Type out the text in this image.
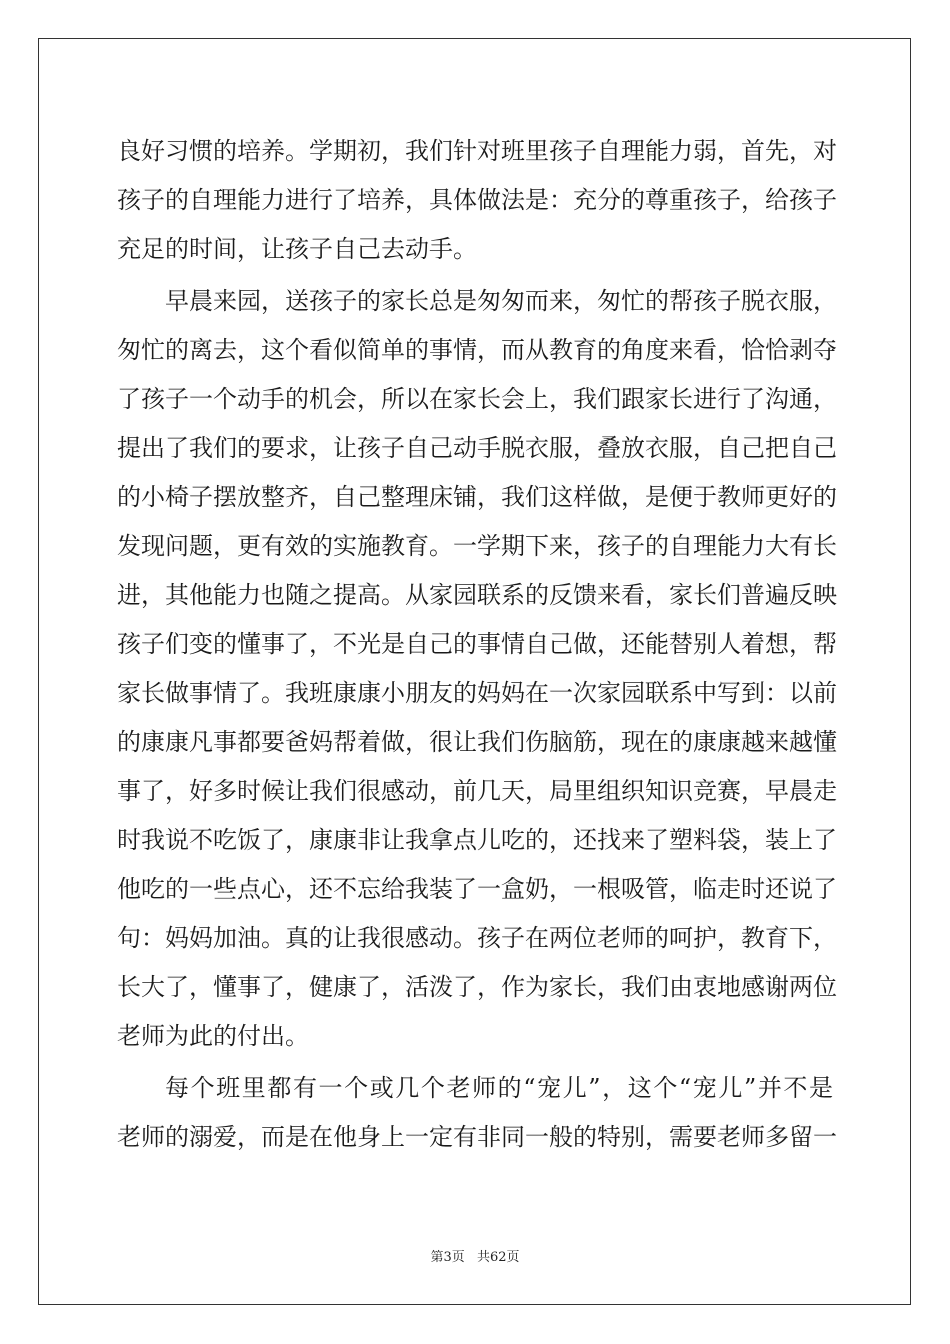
良好习惯的培养。学期初，我们针对班里孩子自理能力弱，首先，对
孩子的自理能力进行了培养，具体做法是：充分的尊重孩子，给孩子
充足的时间，让孩子自己去动手。
早晨来园，送孩子的家长总是匆匆而来，匆忙的帮孩子脱衣服，
匆忙的离去，这个看似简单的事情，而从教育的角度来看，恰恰剥夺
了孩子一个动手的机会，所以在家长会上，我们跟家长进行了沟通，
提出了我们的要求，让孩子自己动手脱衣服，叠放衣服，自己把自己
的小椅子摆放整齐，自己整理床铺，我们这样做，是便于教师更好的
发现问题，更有效的实施教育。一学期下来，孩子的自理能力大有长
进，其他能力也随之提高。从家园联系的反馈来看，家长们普遍反映
孩子们变的懂事了，不光是自己的事情自己做，还能替别人着想，帮
家长做事情了。我班康康小朋友的妈妈在一次家园联系中写到：以前
的康康凡事都要爸妈帮着做，很让我们伤脑筋，现在的康康越来越懂
事了，好多时候让我们很感动，前几天，局里组织知识竞赛，早晨走
时我说不吃饭了，康康非让我拿点儿吃的，还找来了塑料袋，装上了
他吃的一些点心，还不忘给我装了一盒奶，一根吸管，临走时还说了
句：妈妈加油。真的让我很感动。孩子在两位老师的呵护，教育下，
长大了，懂事了，健康了，活泼了，作为家长，我们由衷地感谢两位
老师为此的付出。
每个班里都有一个或几个老师的“宠儿”，这个“宠儿”并不是
老师的溺爱，而是在他身上一定有非同一般的特别，需要老师多留一
第3页 共62页
